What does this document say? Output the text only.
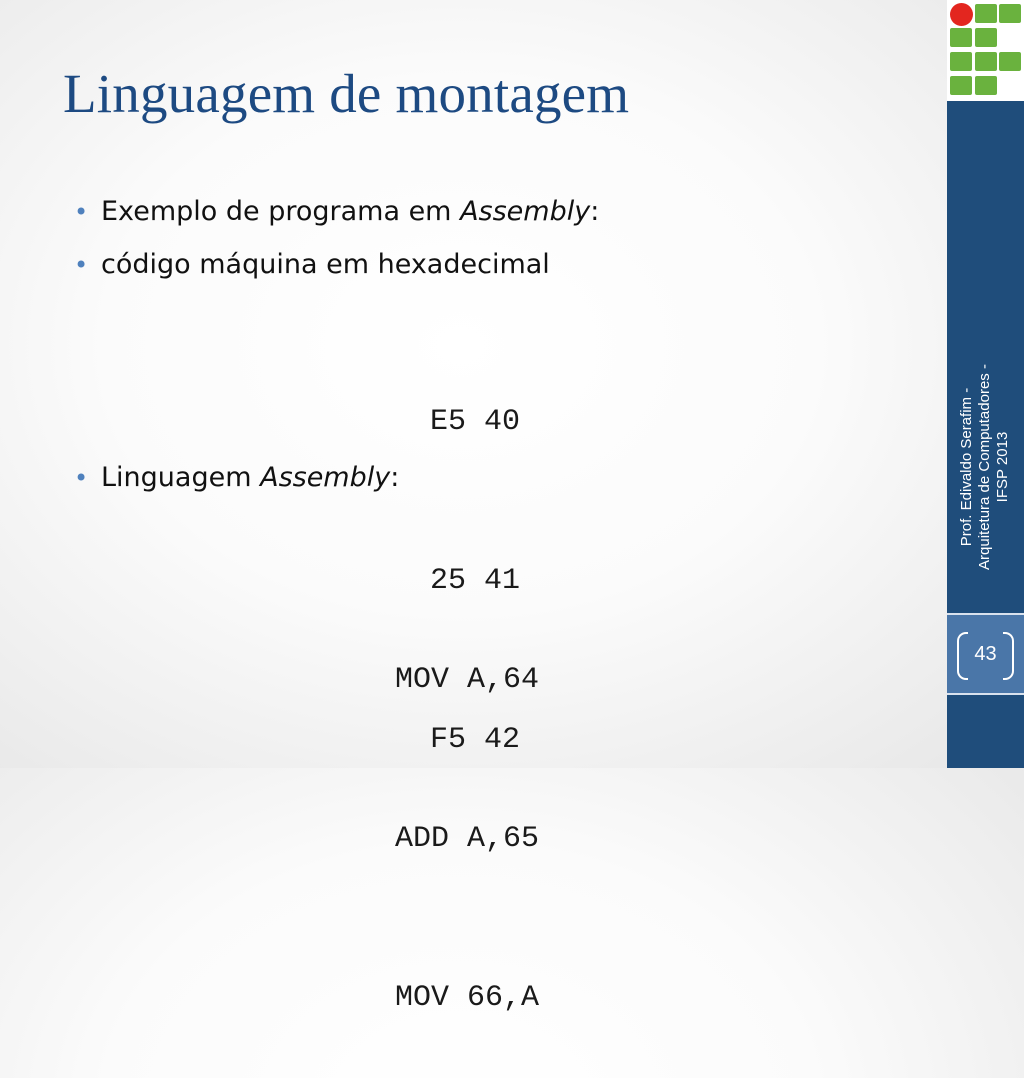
Linguagem de montagem
• Exemplo de programa em Assembly:
• código máquina em hexadecimal

E5 40

25 41

F5 42

• Linguagem Assembly:

MOV A,64

ADD A,65

MOV 66,A

Prof. Edivaldo Serafim - Arquitetura de Computadores - IFSP 2013
43
